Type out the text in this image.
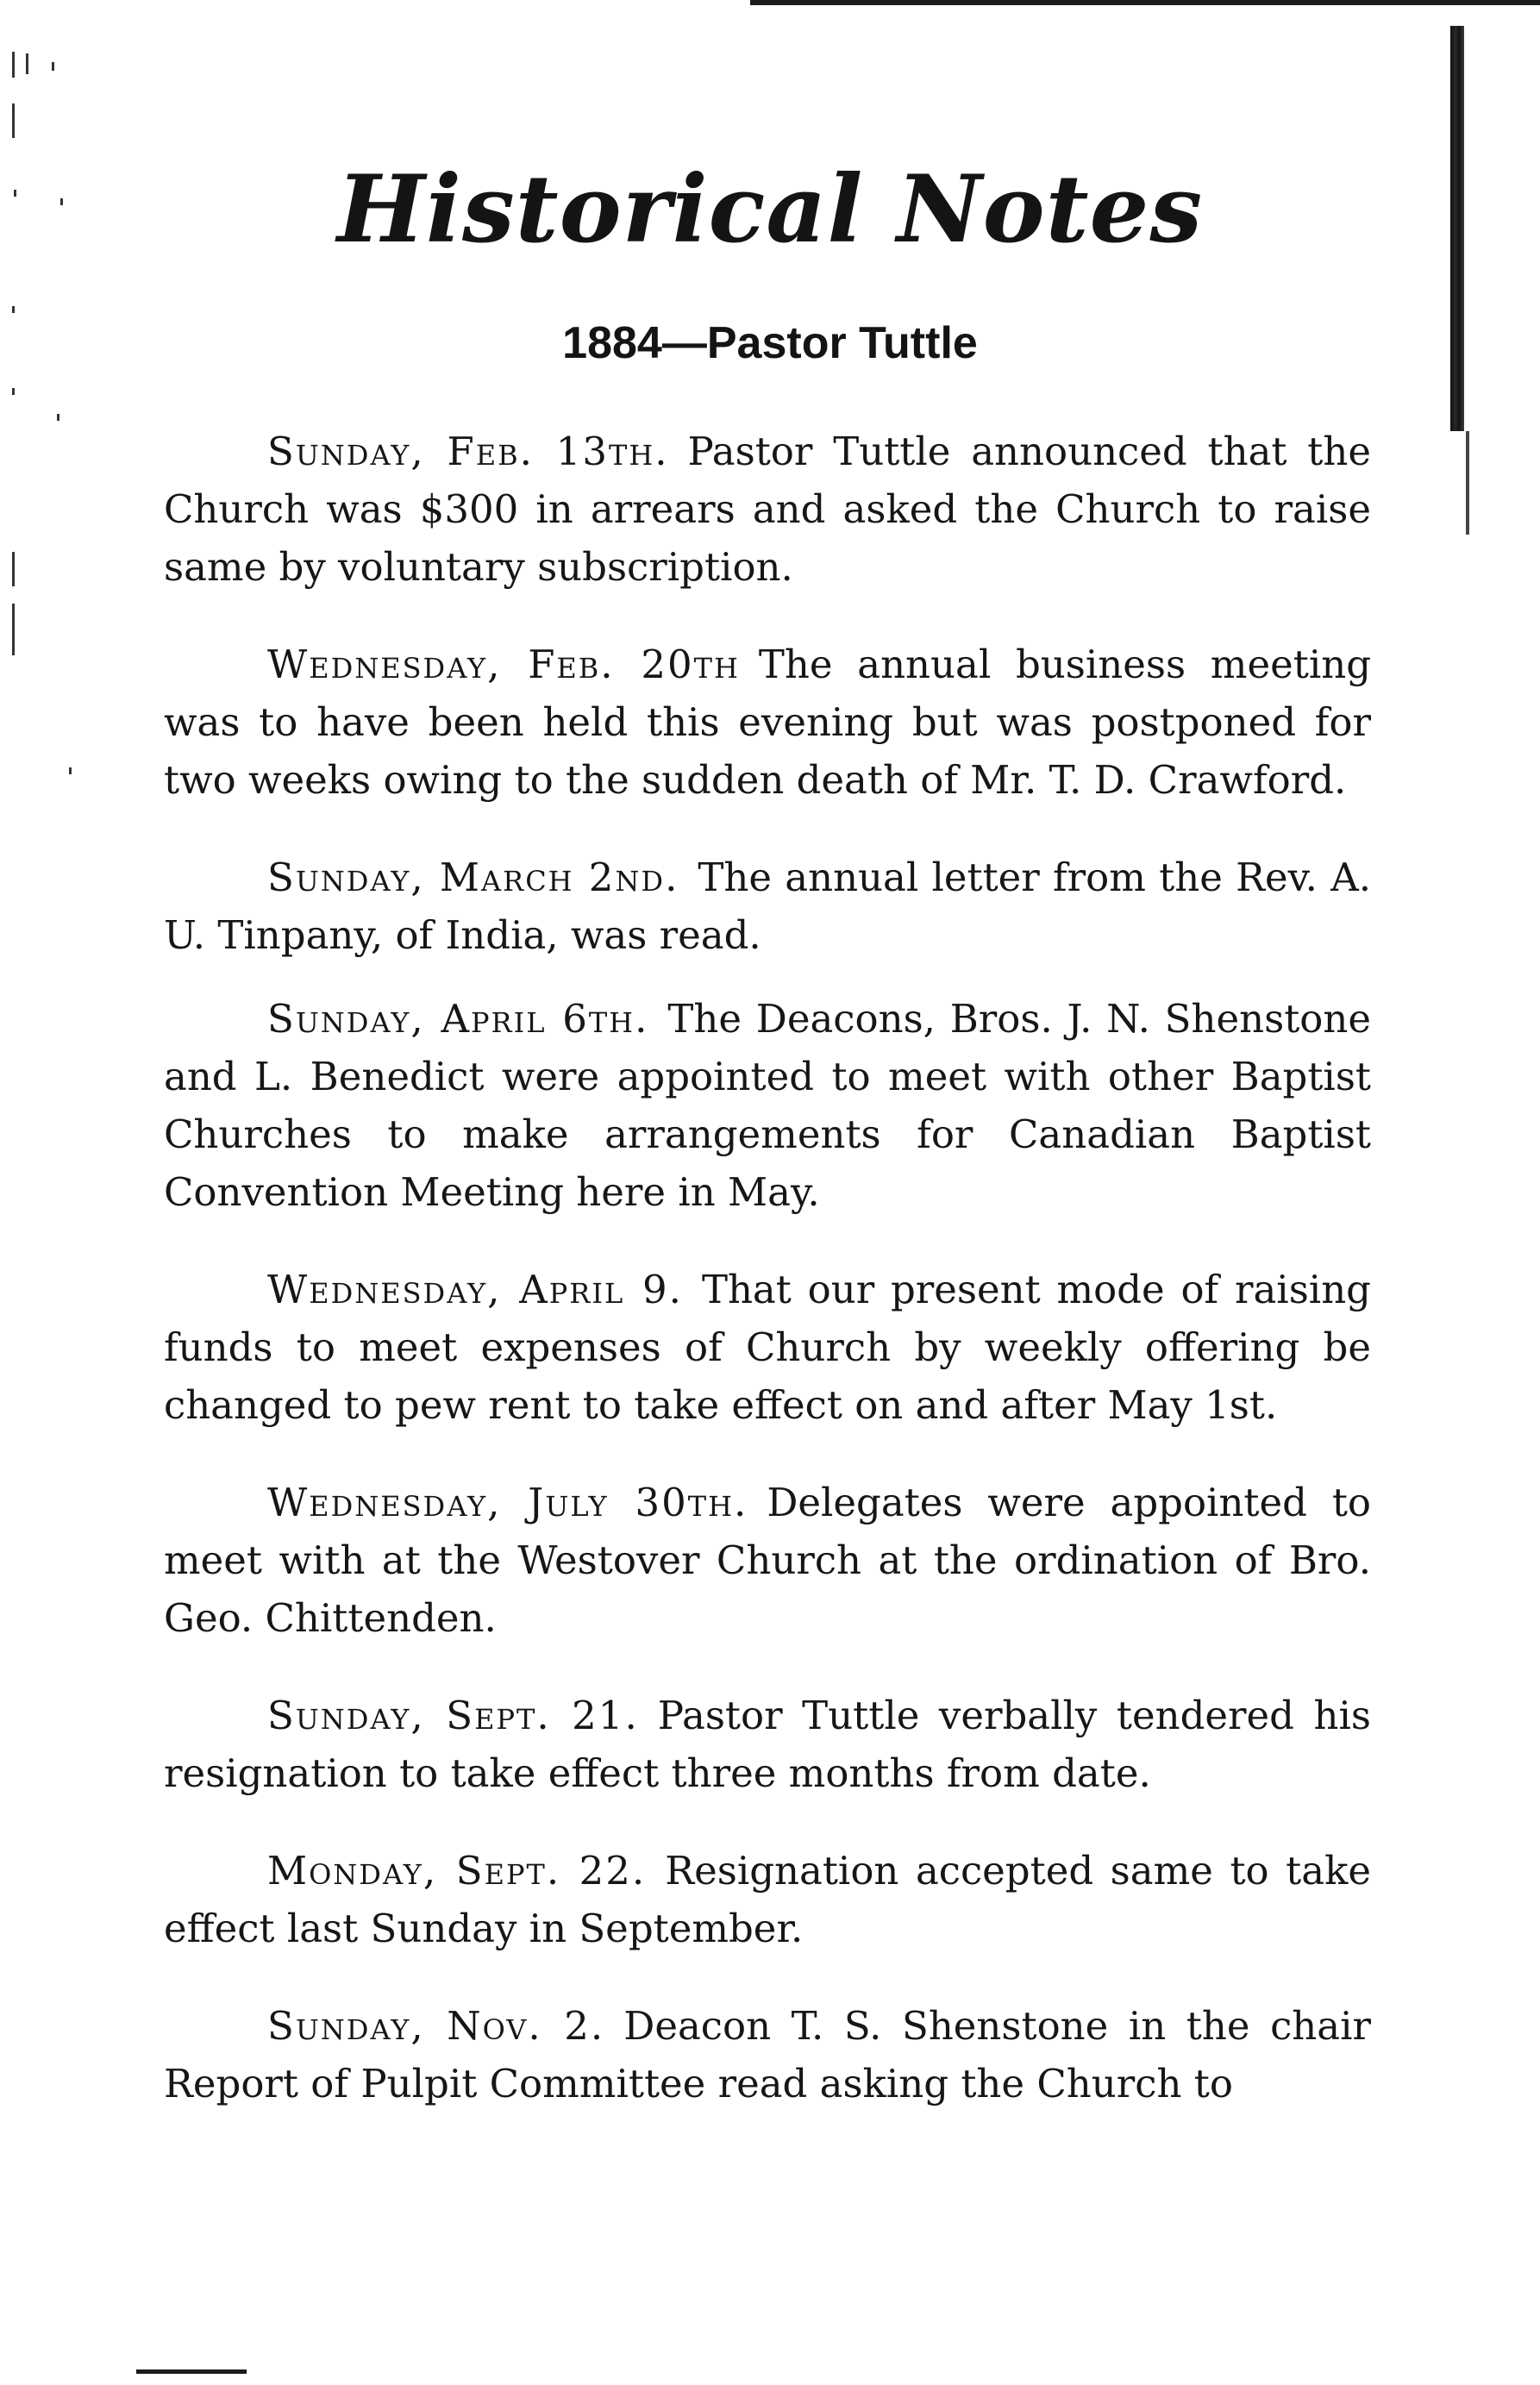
Historical Notes
1884—Pastor Tuttle

Sunday, Feb. 13th. Pastor Tuttle announced that the Church was $300 in arrears and asked the Church to raise same by voluntary subscription.

Wednesday, Feb. 20th The annual business meeting was to have been held this evening but was postponed for two weeks owing to the sudden death of Mr. T. D. Crawford.

Sunday, March 2nd. The annual letter from the Rev. A. U. Tinpany, of India, was read.

Sunday, April 6th. The Deacons, Bros. J. N. Shenstone and L. Benedict were appointed to meet with other Baptist Churches to make arrangements for Canadian Baptist Convention Meeting here in May.

Wednesday, April 9. That our present mode of raising funds to meet expenses of Church by weekly offering be changed to pew rent to take effect on and after May 1st.

Wednesday, July 30th. Delegates were appointed to meet with at the Westover Church at the ordination of Bro. Geo. Chittenden.

Sunday, Sept. 21. Pastor Tuttle verbally tendered his resignation to take effect three months from date.

Monday, Sept. 22. Resignation accepted same to take effect last Sunday in September.

Sunday, Nov. 2. Deacon T. S. Shenstone in the chair Report of Pulpit Committee read asking the Church to
